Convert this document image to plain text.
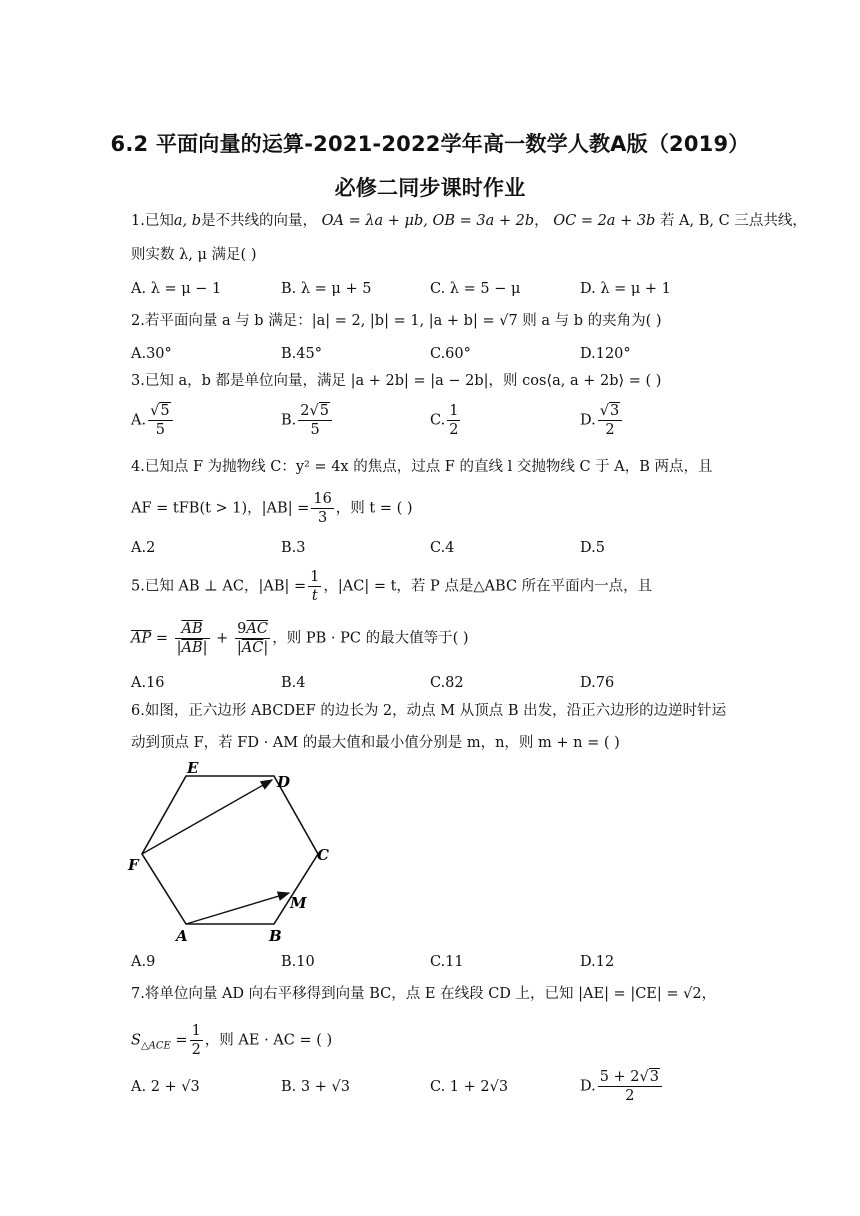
6.2 平面向量的运算-2021-2022学年高一数学人教A版（2019）
必修二同步课时作业
1.已知a, b是不共线的向量， OA = λa + μb, OB = 3a + 2b， OC = 2a + 3b 若 A, B, C 三点共线，
则实数 λ, μ 满足( )
A. λ = μ − 1	B. λ = μ + 5	C. λ = 5 − μ	D. λ = μ + 1
2.若平面向量 a 与 b 满足：|a| = 2, |b| = 1, |a + b| = √7 则 a 与 b 的夹角为( )
A.30°	B.45°	C.60°	D.120°
3.已知 a，b 都是单位向量，满足 |a + 2b| = |a − 2b|，则 cos⟨a, a + 2b⟩ = ( )
A. $\frac{√5}{5}$	B. $\frac{2√5}{5}$	C. $\frac{1}{2}$	D. $\frac{√3}{2}$
4.已知点 F 为抛物线 C：y² = 4x 的焦点，过点 F 的直线 l 交抛物线 C 于 A，B 两点，且
AF = tFB(t > 1)，$|AB| = \frac{16}{3}$ ，则 t = ( )
A.2	B.3	C.4	D.5
5.已知 AB ⊥ AC，$|AB| = \frac{1}{t}$ ，|AC| = t，若 P 点是△ABC 所在平面内一点，且
$\overline{AP} = \frac{\overline{AB}}{|\overline{AB}|} + \frac{9\overline{AC}}{|\overline{AC}|}$ ，则 PB · PC 的最大值等于( )
A.16	B.4	C.82	D.76
6.如图，正六边形 ABCDEF 的边长为 2，动点 M 从顶点 B 出发，沿正六边形的边逆时针运
动到顶点 F，若 FD · AM 的最大值和最小值分别是 m，n，则 m + n = ( )
E
D
C
M
B
A
F
A.9	B.10	C.11	D.12
7.将单位向量 AD 向右平移得到向量 BC，点 E 在线段 CD 上，已知 |AE| = |CE| = √2，
$S_{\triangle ACE} = \frac{1}{2}$ ，则 AE · AC = ( )
A. 2 + √3	B. 3 + √3	C. 1 + 2√3	D. $\frac{5 + 2√3}{2}$
